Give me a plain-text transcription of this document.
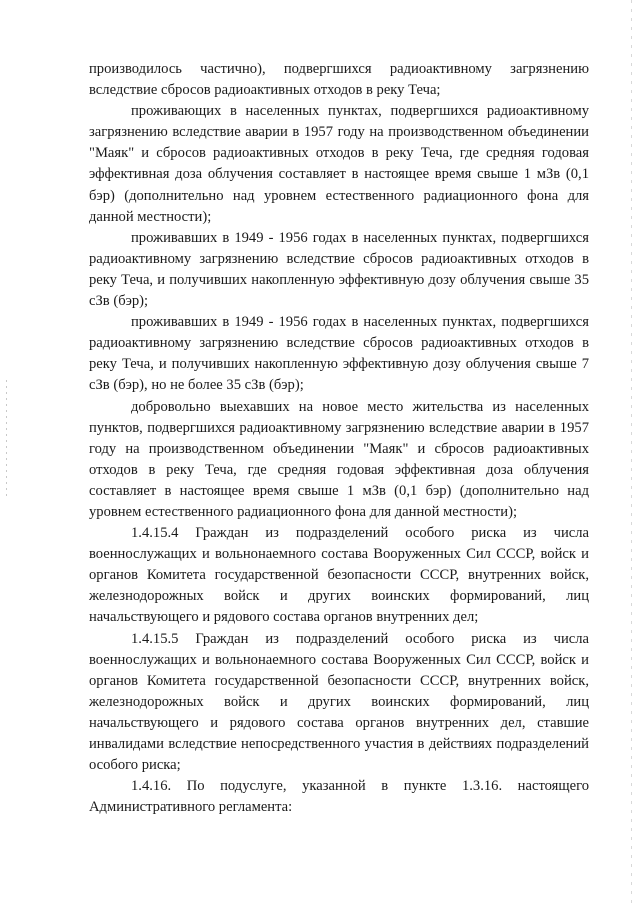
производилось частично), подвергшихся радиоактивному загрязнению вследствие сбросов радиоактивных отходов в реку Теча;

проживающих в населенных пунктах, подвергшихся радиоактивному загрязнению вследствие аварии в 1957 году на производственном объединении "Маяк" и сбросов радиоактивных отходов в реку Теча, где средняя годовая эффективная доза облучения составляет в настоящее время свыше 1 мЗв (0,1 бэр) (дополнительно над уровнем естественного радиационного фона для данной местности);

проживавших в 1949 - 1956 годах в населенных пунктах, подвергшихся радиоактивному загрязнению вследствие сбросов радиоактивных отходов в реку Теча, и получивших накопленную эффективную дозу облучения свыше 35 сЗв (бэр);

проживавших в 1949 - 1956 годах в населенных пунктах, подвергшихся радиоактивному загрязнению вследствие сбросов радиоактивных отходов в реку Теча, и получивших накопленную эффективную дозу облучения свыше 7 сЗв (бэр), но не более 35 сЗв (бэр);

добровольно выехавших на новое место жительства из населенных пунктов, подвергшихся радиоактивному загрязнению вследствие аварии в 1957 году на производственном объединении "Маяк" и сбросов радиоактивных отходов в реку Теча, где средняя годовая эффективная доза облучения составляет в настоящее время свыше 1 мЗв (0,1 бэр) (дополнительно над уровнем естественного радиационного фона для данной местности);

1.4.15.4 Граждан из подразделений особого риска из числа военнослужащих и вольнонаемного состава Вооруженных Сил СССР, войск и органов Комитета государственной безопасности СССР, внутренних войск, железнодорожных войск и других воинских формирований, лиц начальствующего и рядового состава органов внутренних дел;

1.4.15.5 Граждан из подразделений особого риска из числа военнослужащих и вольнонаемного состава Вооруженных Сил СССР, войск и органов Комитета государственной безопасности СССР, внутренних войск, железнодорожных войск и других воинских формирований, лиц начальствующего и рядового состава органов внутренних дел, ставшие инвалидами вследствие непосредственного участия в действиях подразделений особого риска;

1.4.16. По подуслуге, указанной в пункте 1.3.16. настоящего Административного регламента:
